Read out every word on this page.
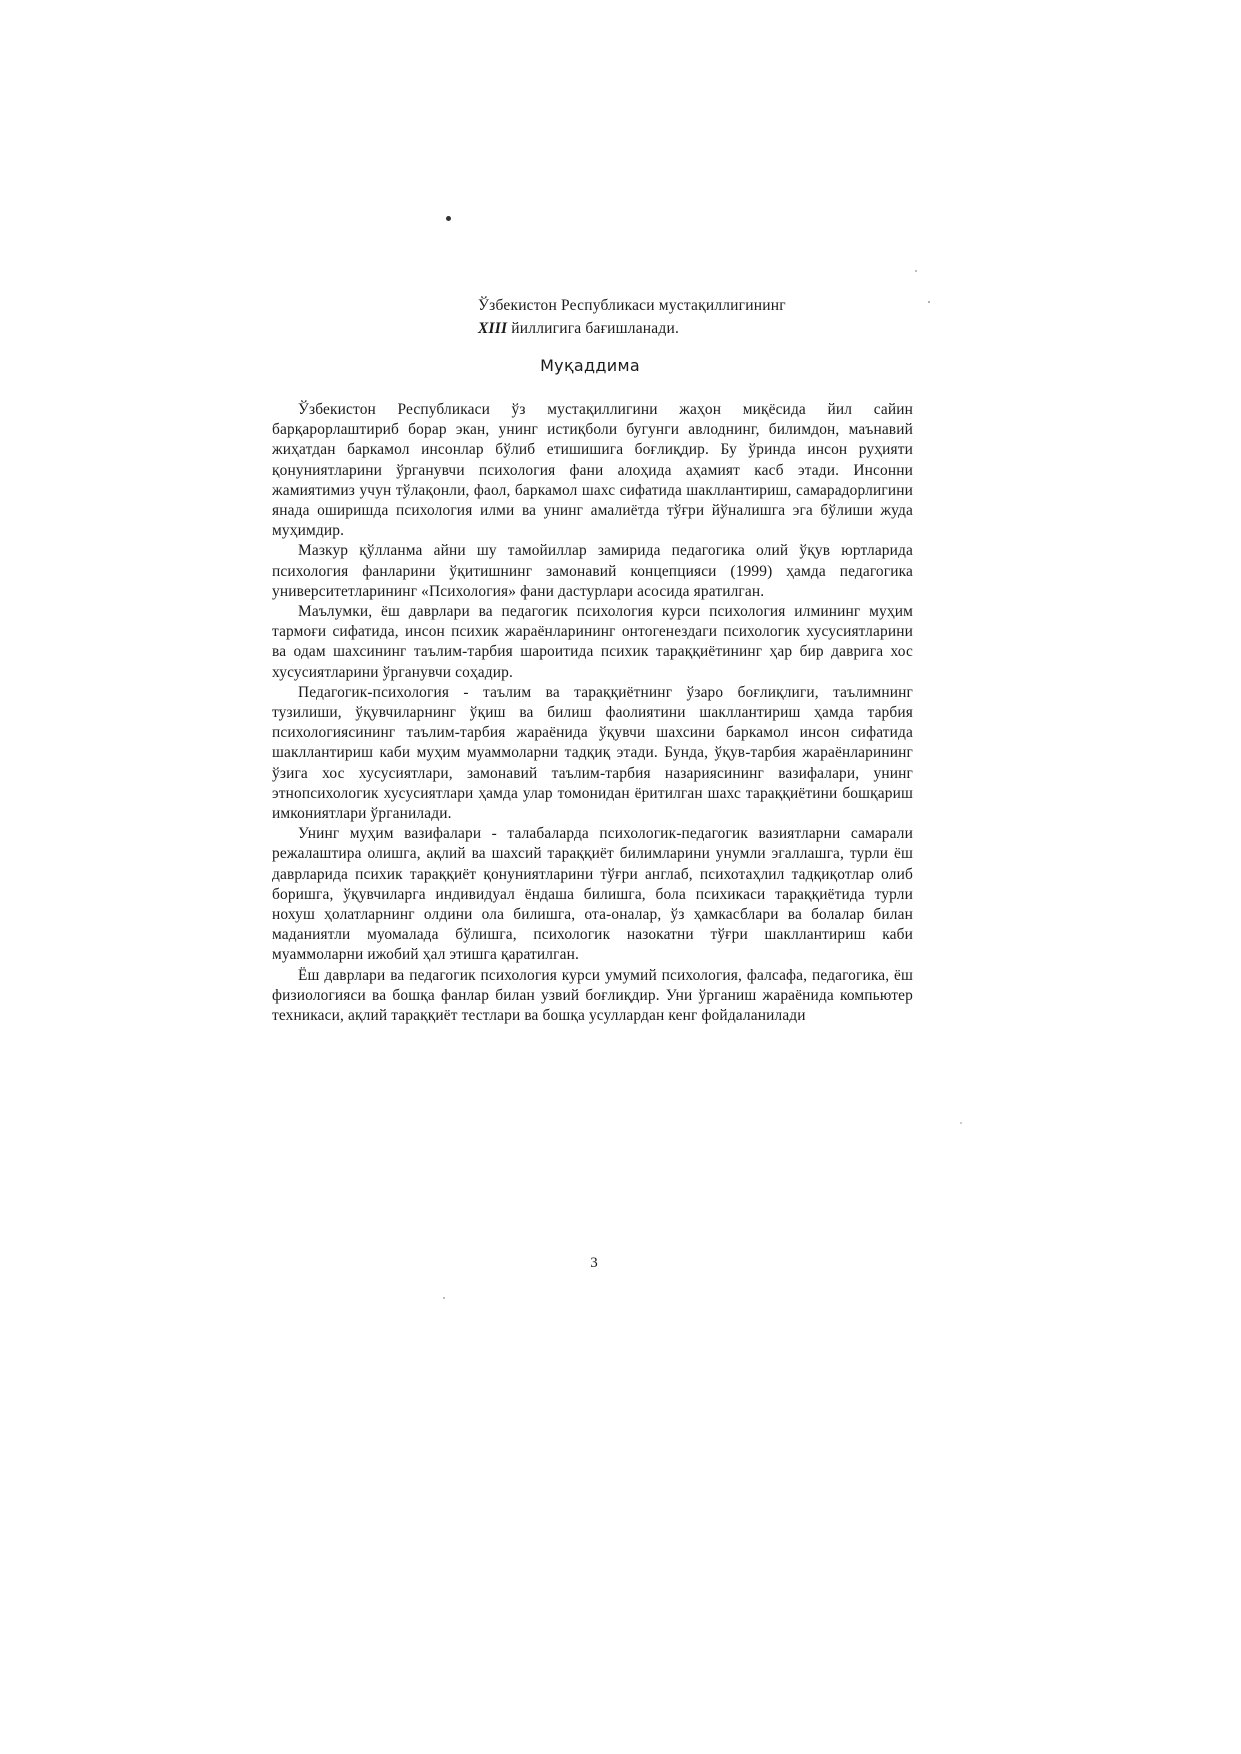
Ўзбекистон Республикаси мустақиллигининг
XIII йиллигига бағишланади.
Муқаддима

Ўзбекистон Республикаси ўз мустақиллигини жаҳон миқёсида йил сайин барқарорлаштириб борар экан, унинг истиқболи бугунги авлоднинг, билимдон, маънавий жиҳатдан баркамол инсонлар бўлиб етишишига боғлиқдир. Бу ўринда инсон руҳияти қонуниятларини ўрганувчи психология фани алоҳида аҳамият касб этади. Инсонни жамиятимиз учун тўлақонли, фаол, баркамол шахс сифатида шакллантириш, самарадорлигини янада оширишда психология илми ва унинг амалиётда тўғри йўналишга эга бўлиши жуда муҳимдир.

Мазкур қўлланма айни шу тамойиллар замирида педагогика олий ўқув юртларида психология фанларини ўқитишнинг замонавий концепцияси (1999) ҳамда педагогика университетларининг «Психология» фани дастурлари асосида яратилган.

Маълумки, ёш даврлари ва педагогик психология курси психология илмининг муҳим тармоғи сифатида, инсон психик жараёнларининг онтогенездаги психологик хусусиятларини ва одам шахсининг таълим-тарбия шароитида психик тараққиётининг ҳар бир даврига хос хусусиятларини ўрганувчи соҳадир.

Педагогик-психология - таълим ва тараққиётнинг ўзаро боғлиқлиги, таълимнинг тузилиши, ўқувчиларнинг ўқиш ва билиш фаолиятини шакллантириш ҳамда тарбия психологиясининг таълим-тарбия жараёнида ўқувчи шахсини баркамол инсон сифатида шакллантириш каби муҳим муаммоларни тадқиқ этади. Бунда, ўқув-тарбия жараёнларининг ўзига хос хусусиятлари, замонавий таълим-тарбия назариясининг вазифалари, унинг этнопсихологик хусусиятлари ҳамда улар томонидан ёритилган шахс тараққиётини бошқариш имкониятлари ўрганилади.

Унинг муҳим вазифалари - талабаларда психологик-педагогик вазиятларни самарали режалаштира олишга, ақлий ва шахсий тараққиёт билимларини унумли эгаллашга, турли ёш даврларида психик тараққиёт қонуниятларини тўғри англаб, психотаҳлил тадқиқотлар олиб боришга, ўқувчиларга индивидуал ёндаша билишга, бола психикаси тараққиётида турли нохуш ҳолатларнинг олдини ола билишга, ота-оналар, ўз ҳамкасблари ва болалар билан маданиятли муомалада бўлишга, психологик назокатни тўғри шакллантириш каби муаммоларни ижобий ҳал этишга қаратилган.

Ёш даврлари ва педагогик психология курси умумий психология, фалсафа, педагогика, ёш физиологияси ва бошқа фанлар билан узвий боғлиқдир. Уни ўрганиш жараёнида компьютер техникаси, ақлий тараққиёт тестлари ва бошқа усуллардан кенг фойдаланилади

3
